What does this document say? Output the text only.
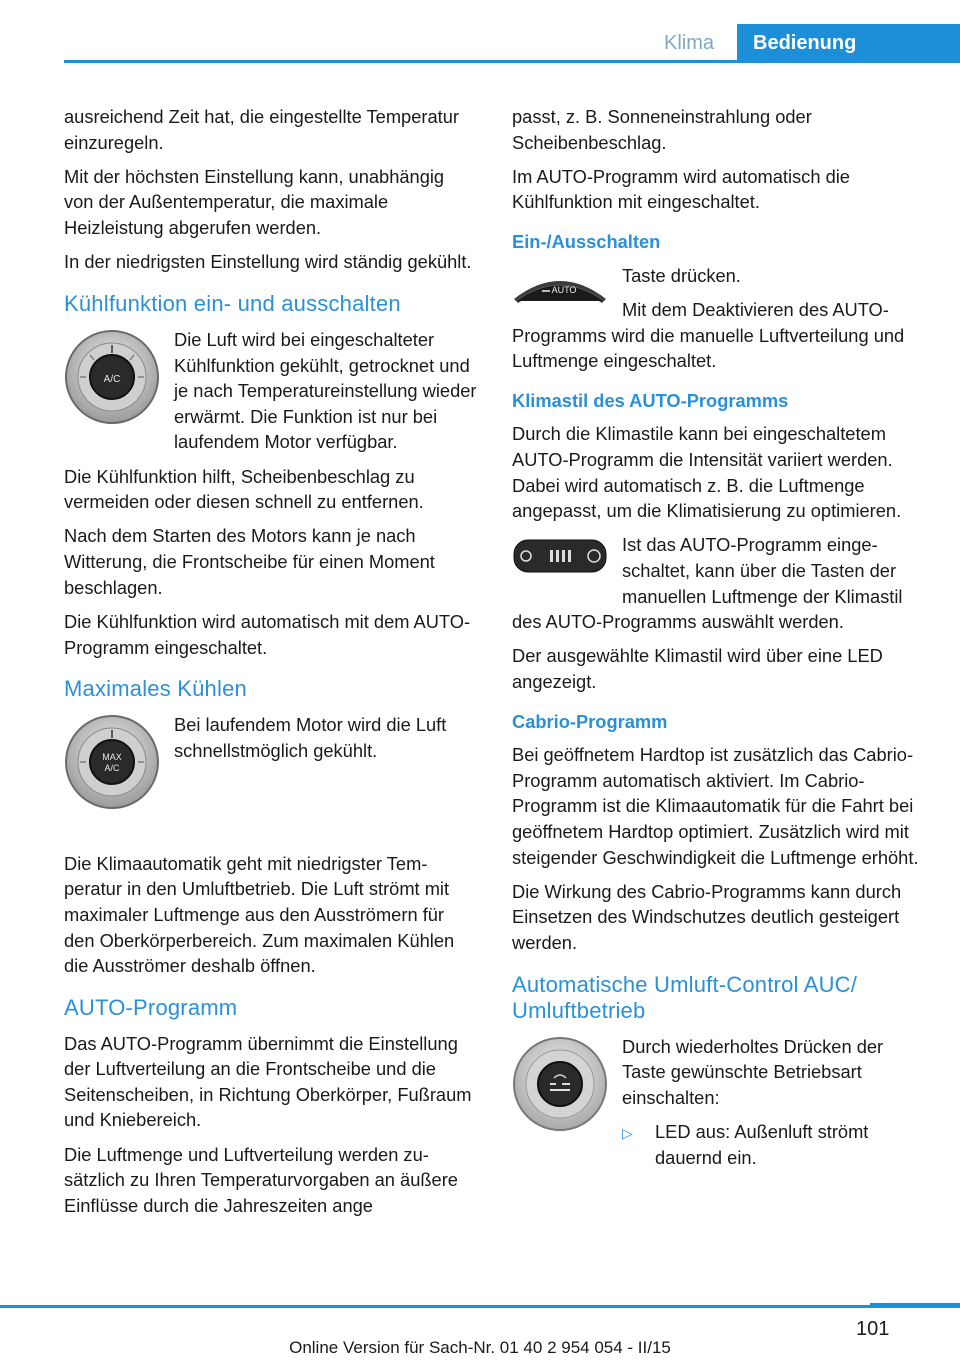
Klima	Bedienung

ausreichend Zeit hat, die eingestellte Temperatur einzuregeln.

Mit der höchsten Einstellung kann, unabhängig von der Außentemperatur, die maximale Heizleistung abgerufen werden.

In der niedrigsten Einstellung wird ständig gekühlt.

Kühlfunktion ein- und ausschalten
A/C

Die Luft wird bei eingeschalteter Kühlfunktion gekühlt, getrocknet und je nach Temperatureinstellung wieder erwärmt. Die Funktion ist nur bei laufendem Motor verfügbar.

Die Kühlfunktion hilft, Scheibenbeschlag zu vermeiden oder diesen schnell zu entfernen.

Nach dem Starten des Motors kann je nach Witterung, die Frontscheibe für einen Moment beschlagen.

Die Kühlfunktion wird automatisch mit dem AUTO-Programm eingeschaltet.

Maximales Kühlen
MAX
A/C

Bei laufendem Motor wird die Luft schnellstmöglich gekühlt.

Die Klimaautomatik geht mit niedrigster Temperatur in den Umluftbetrieb. Die Luft strömt mit maximaler Luftmenge aus den Ausströmern für den Oberkörperbereich. Zum maximalen Kühlen die Ausströmer deshalb öffnen.

AUTO-Programm

Das AUTO-Programm übernimmt die Einstellung der Luftverteilung an die Frontscheibe und die Seitenscheiben, in Richtung Oberkörper, Fußraum und Kniebereich.

Die Luftmenge und Luftverteilung werden zusätzlich zu Ihren Temperaturvorgaben an äußere Einflüsse durch die Jahreszeiten ange

passt, z. B. Sonneneinstrahlung oder Scheibenbeschlag.

Im AUTO-Programm wird automatisch die Kühlfunktion mit eingeschaltet.

Ein-/Ausschalten
AUTO

Taste drücken.

Mit dem Deaktivieren des AUTO-Programms wird die manuelle Luftverteilung und Luftmenge eingeschaltet.

Klimastil des AUTO-Programms

Durch die Klimastile kann bei eingeschaltetem AUTO-Programm die Intensität variiert werden. Dabei wird automatisch z. B. die Luftmenge angepasst, um die Klimatisierung zu optimieren.

Ist das AUTO-Programm eingeschaltet, kann über die Tasten der manuellen Luftmenge der Klimastil des AUTO-Programms auswählt werden.

Der ausgewählte Klimastil wird über eine LED angezeigt.

Cabrio-Programm

Bei geöffnetem Hardtop ist zusätzlich das Cabrio-Programm automatisch aktiviert. Im Cabrio-Programm ist die Klimaautomatik für die Fahrt bei geöffnetem Hardtop optimiert. Zusätzlich wird mit steigender Geschwindigkeit die Luftmenge erhöht.

Die Wirkung des Cabrio-Programms kann durch Einsetzen des Windschutzes deutlich gesteigert werden.

Automatische Umluft-Control AUC/ Umluftbetrieb

Durch wiederholtes Drücken der Taste gewünschte Betriebsart einschalten:

▷	LED aus: Außenluft strömt dauernd ein.
101
Online Version für Sach-Nr. 01 40 2 954 054 - II/15
